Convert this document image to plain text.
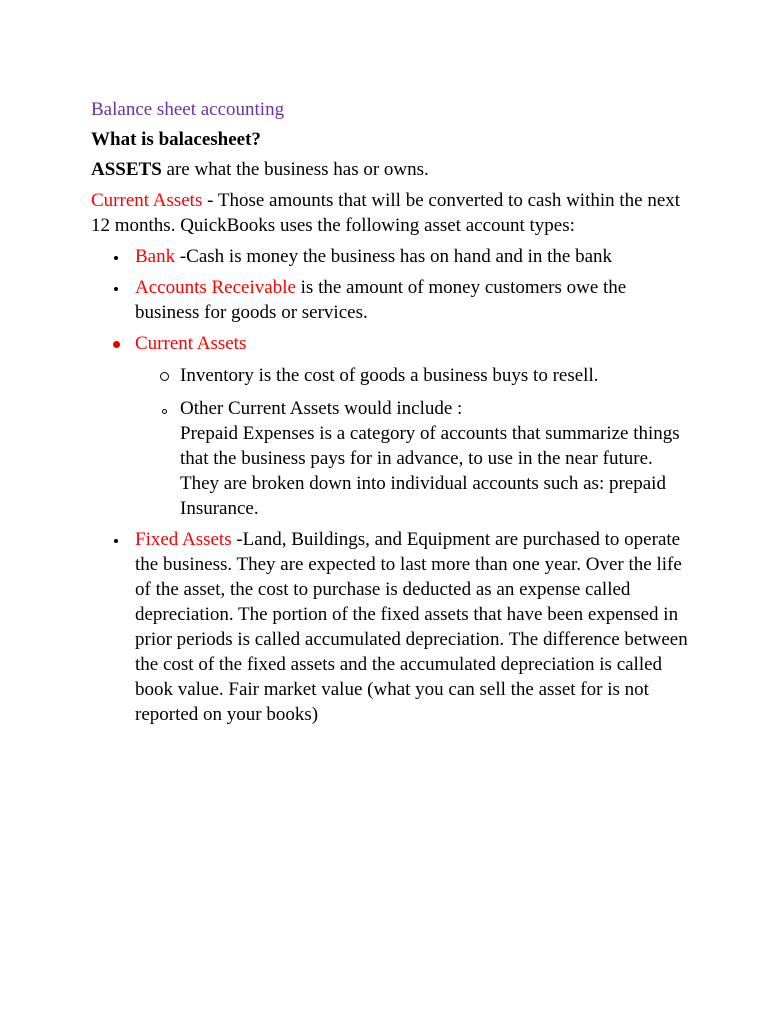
Balance sheet accounting
What is balacesheet?

ASSETS are what the business has or owns.

Current Assets - Those amounts that will be converted to cash within the next 12 months. QuickBooks uses the following asset account types:

Bank -Cash is money the business has on hand and in the bank
Accounts Receivable is the amount of money customers owe the business for goods or services.
Current Assets
Inventory is the cost of goods a business buys to resell.
Other Current Assets would include :
Prepaid Expenses is a category of accounts that summarize things that the business pays for in advance, to use in the near future. They are broken down into individual accounts such as: prepaid Insurance.
Fixed Assets -Land, Buildings, and Equipment are purchased to operate the business. They are expected to last more than one year. Over the life of the asset, the cost to purchase is deducted as an expense called depreciation. The portion of the fixed assets that have been expensed in prior periods is called accumulated depreciation. The difference between the cost of the fixed assets and the accumulated depreciation is called book value. Fair market value (what you can sell the asset for is not reported on your books)
